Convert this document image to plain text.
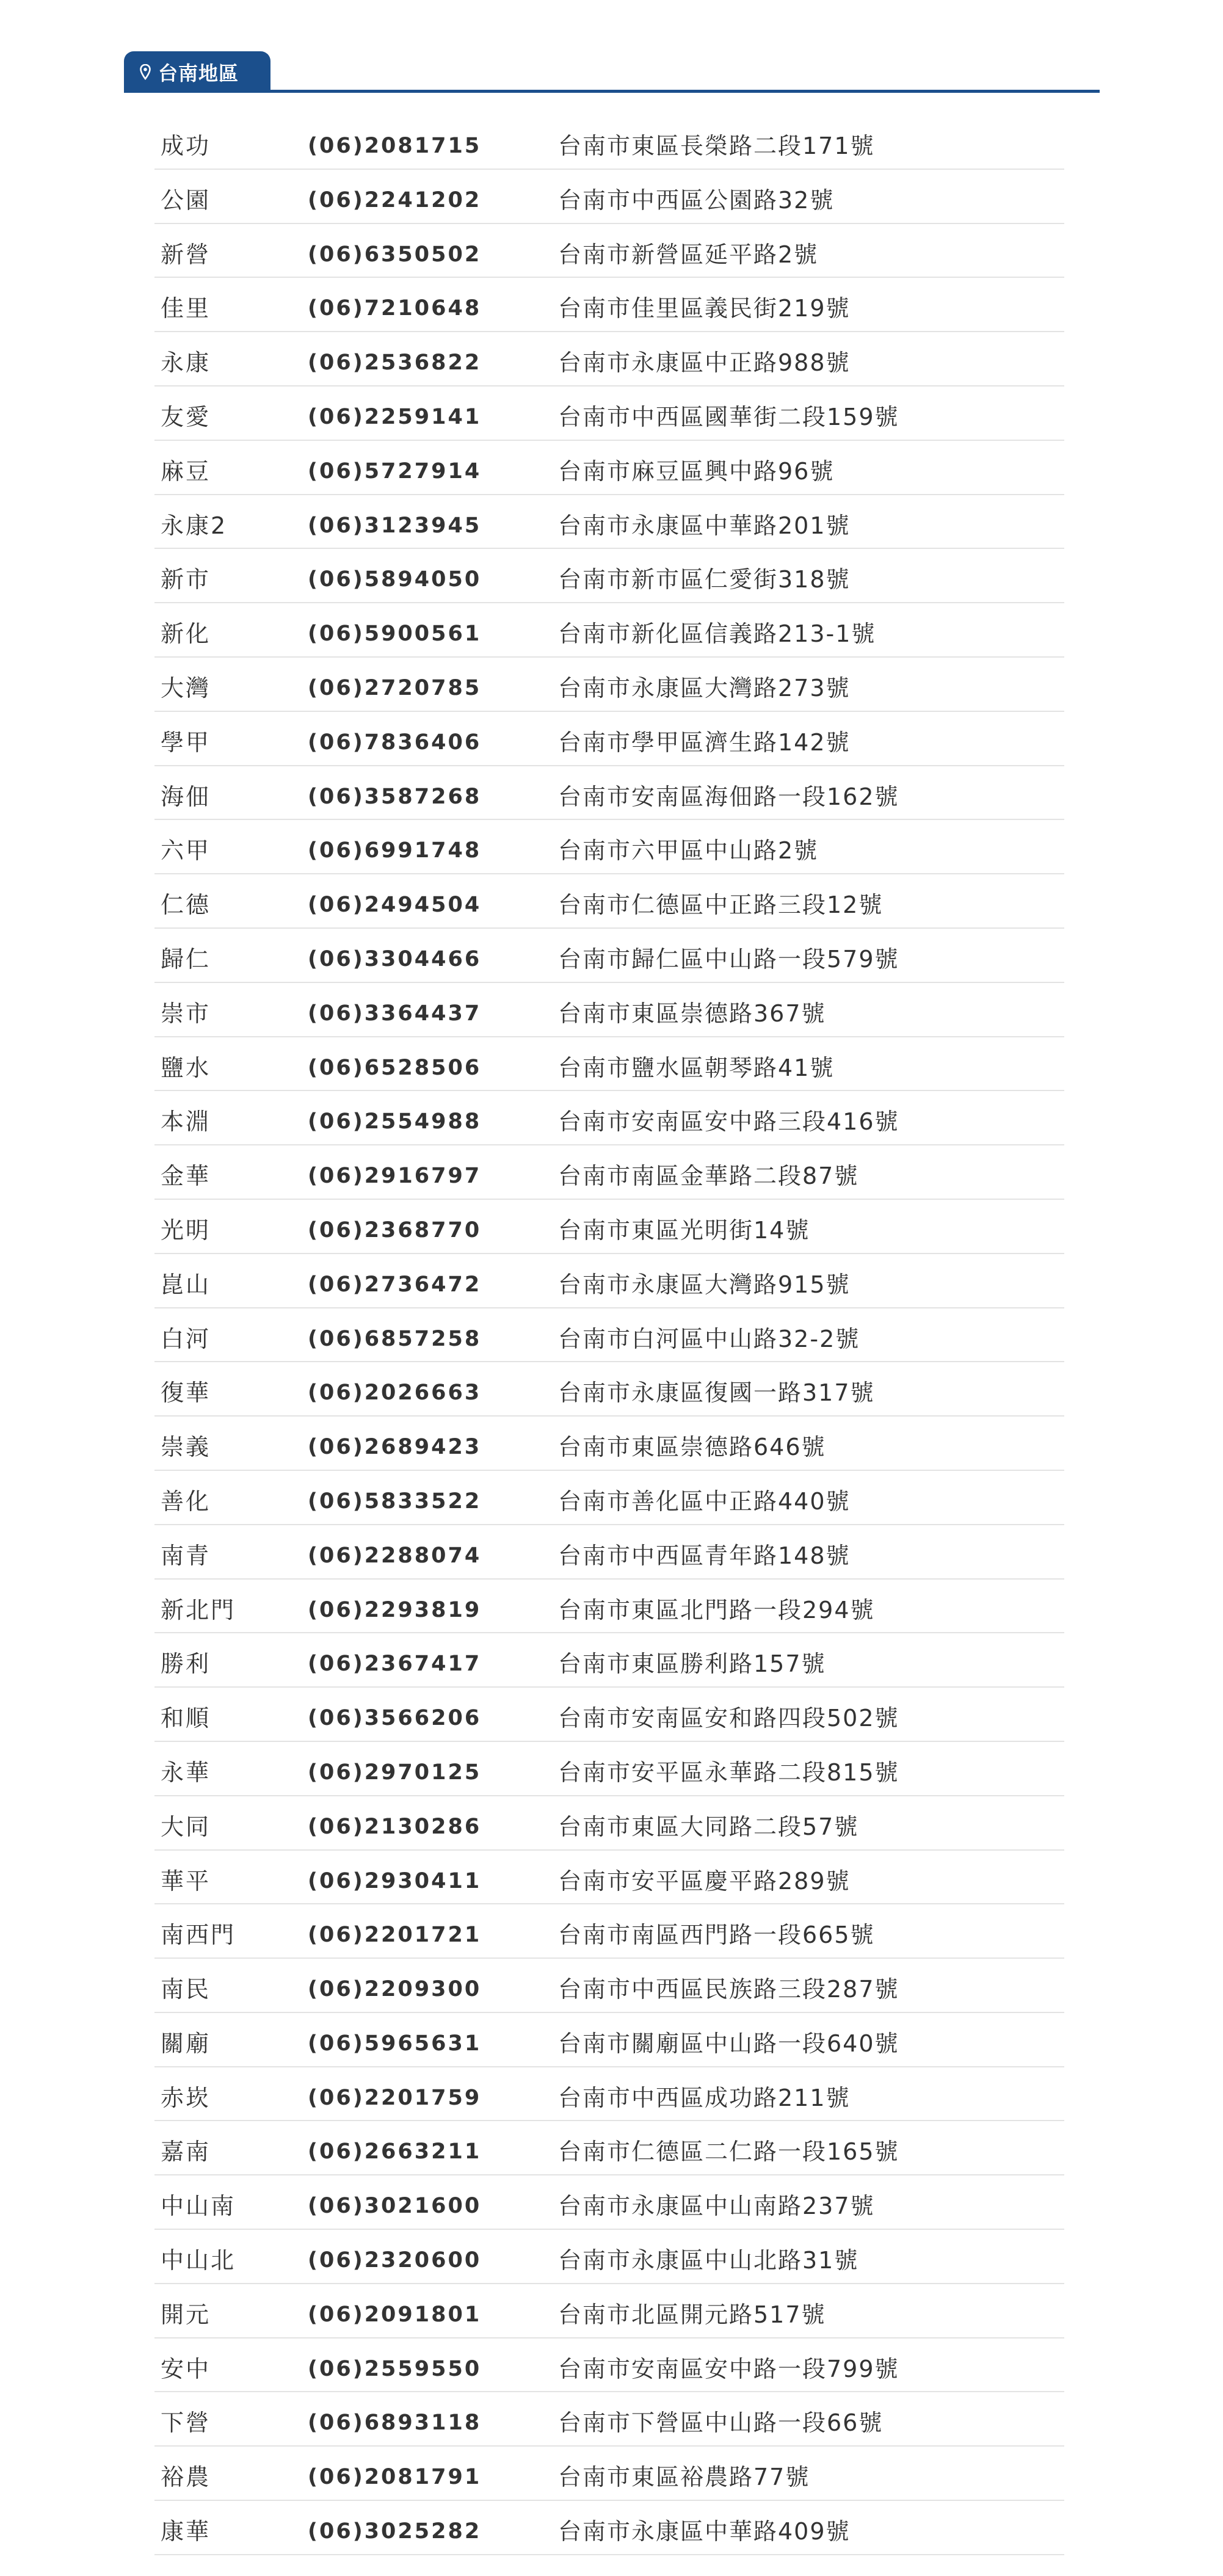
台南地區
成功	(06)2081715	台南市東區長榮路二段171號
公園	(06)2241202	台南市中西區公園路32號
新營	(06)6350502	台南市新營區延平路2號
佳里	(06)7210648	台南市佳里區義民街219號
永康	(06)2536822	台南市永康區中正路988號
友愛	(06)2259141	台南市中西區國華街二段159號
麻豆	(06)5727914	台南市麻豆區興中路96號
永康2	(06)3123945	台南市永康區中華路201號
新市	(06)5894050	台南市新市區仁愛街318號
新化	(06)5900561	台南市新化區信義路213-1號
大灣	(06)2720785	台南市永康區大灣路273號
學甲	(06)7836406	台南市學甲區濟生路142號
海佃	(06)3587268	台南市安南區海佃路一段162號
六甲	(06)6991748	台南市六甲區中山路2號
仁德	(06)2494504	台南市仁德區中正路三段12號
歸仁	(06)3304466	台南市歸仁區中山路一段579號
崇市	(06)3364437	台南市東區崇德路367號
鹽水	(06)6528506	台南市鹽水區朝琴路41號
本淵	(06)2554988	台南市安南區安中路三段416號
金華	(06)2916797	台南市南區金華路二段87號
光明	(06)2368770	台南市東區光明街14號
崑山	(06)2736472	台南市永康區大灣路915號
白河	(06)6857258	台南市白河區中山路32-2號
復華	(06)2026663	台南市永康區復國一路317號
崇義	(06)2689423	台南市東區崇德路646號
善化	(06)5833522	台南市善化區中正路440號
南青	(06)2288074	台南市中西區青年路148號
新北門	(06)2293819	台南市東區北門路一段294號
勝利	(06)2367417	台南市東區勝利路157號
和順	(06)3566206	台南市安南區安和路四段502號
永華	(06)2970125	台南市安平區永華路二段815號
大同	(06)2130286	台南市東區大同路二段57號
華平	(06)2930411	台南市安平區慶平路289號
南西門	(06)2201721	台南市南區西門路一段665號
南民	(06)2209300	台南市中西區民族路三段287號
關廟	(06)5965631	台南市關廟區中山路一段640號
赤崁	(06)2201759	台南市中西區成功路211號
嘉南	(06)2663211	台南市仁德區二仁路一段165號
中山南	(06)3021600	台南市永康區中山南路237號
中山北	(06)2320600	台南市永康區中山北路31號
開元	(06)2091801	台南市北區開元路517號
安中	(06)2559550	台南市安南區安中路一段799號
下營	(06)6893118	台南市下營區中山路一段66號
裕農	(06)2081791	台南市東區裕農路77號
康華	(06)3025282	台南市永康區中華路409號
